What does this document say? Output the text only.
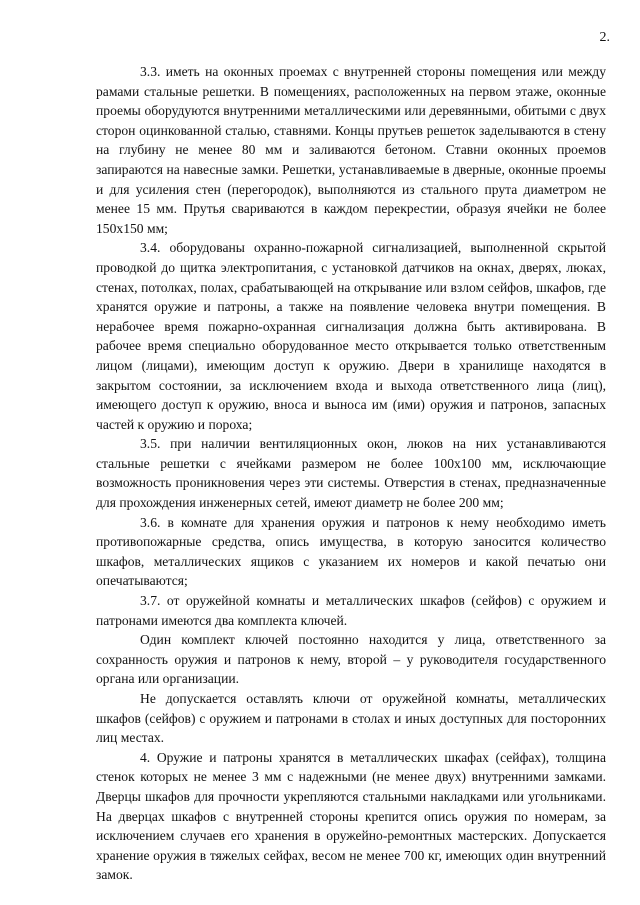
2.

3.3. иметь на оконных проемах с внутренней стороны помещения или между рамами стальные решетки. В помещениях, расположенных на первом этаже, оконные проемы оборудуются внутренними металлическими или деревянными, обитыми с двух сторон оцинкованной сталью, ставнями. Концы прутьев решеток заделываются в стену на глубину не менее 80 мм и заливаются бетоном. Ставни оконных проемов запираются на навесные замки. Решетки, устанавливаемые в дверные, оконные проемы и для усиления стен (перегородок), выполняются из стального прута диаметром не менее 15 мм. Прутья свариваются в каждом перекрестии, образуя ячейки не более 150х150 мм;

3.4. оборудованы охранно-пожарной сигнализацией, выполненной скрытой проводкой до щитка электропитания, с установкой датчиков на окнах, дверях, люках, стенах, потолках, полах, срабатывающей на открывание или взлом сейфов, шкафов, где хранятся оружие и патроны, а также на появление человека внутри помещения. В нерабочее время пожарно-охранная сигнализация должна быть активирована. В рабочее время специально оборудованное место открывается только ответственным лицом (лицами), имеющим доступ к оружию. Двери в хранилище находятся в закрытом состоянии, за исключением входа и выхода ответственного лица (лиц), имеющего доступ к оружию, вноса и выноса им (ими) оружия и патронов, запасных частей к оружию и пороха;

3.5. при наличии вентиляционных окон, люков на них устанавливаются стальные решетки с ячейками размером не более 100х100 мм, исключающие возможность проникновения через эти системы. Отверстия в стенах, предназначенные для прохождения инженерных сетей, имеют диаметр не более 200 мм;

3.6. в комнате для хранения оружия и патронов к нему необходимо иметь противопожарные средства, опись имущества, в которую заносится количество шкафов, металлических ящиков с указанием их номеров и какой печатью они опечатываются;

3.7. от оружейной комнаты и металлических шкафов (сейфов) с оружием и патронами имеются два комплекта ключей.

Один комплект ключей постоянно находится у лица, ответственного за сохранность оружия и патронов к нему, второй – у руководителя государственного органа или организации.

Не допускается оставлять ключи от оружейной комнаты, металлических шкафов (сейфов) с оружием и патронами в столах и иных доступных для посторонних лиц местах.

4. Оружие и патроны хранятся в металлических шкафах (сейфах), толщина стенок которых не менее 3 мм с надежными (не менее двух) внутренними замками. Дверцы шкафов для прочности укрепляются стальными накладками или угольниками. На дверцах шкафов с внутренней стороны крепится опись оружия по номерам, за исключением случаев его хранения в оружейно-ремонтных мастерских. Допускается хранение оружия в тяжелых сейфах, весом не менее 700 кг, имеющих один внутренний замок.
